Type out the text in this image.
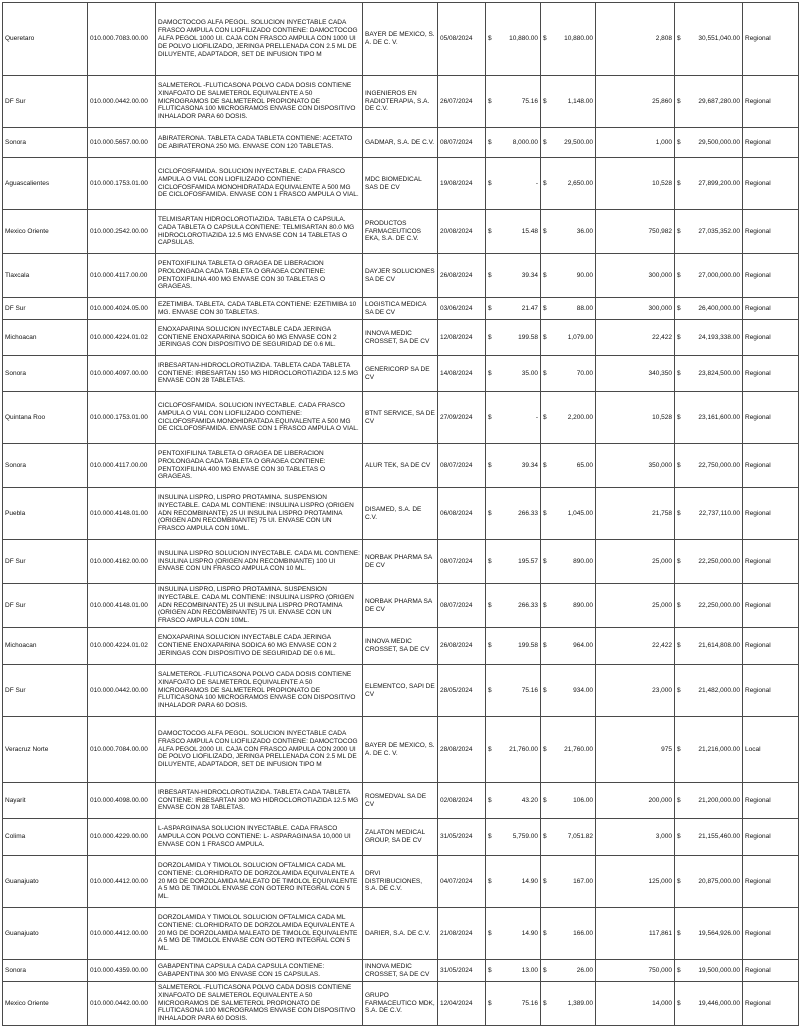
Queretaro	010.000.7083.00.00	DAMOCTOCOG ALFA PEGOL. SOLUCION INYECTABLE CADA FRASCO AMPULA CON LIOFILIZADO CONTIENE: DAMOCTOCOG ALFA PEGOL 1000 UI. CAJA CON FRASCO AMPULA CON 1000 UI DE POLVO LIOFILIZADO, JERINGA PRELLENADA CON 2.5 ML DE DILUYENTE, ADAPTADOR, SET DE INFUSION TIPO M	BAYER DE MEXICO, S. A. DE C. V.	05/08/2024	$	10,880.00	$	10,880.00	2,808	$	30,551,040.00	Regional
DF Sur	010.000.0442.00.00	SALMETEROL -FLUTICASONA POLVO CADA DOSIS CONTIENE XINAFOATO DE SALMETEROL EQUIVALENTE A 50 MICROGRAMOS DE SALMETEROL PROPIONATO DE FLUTICASONA 100 MICROGRAMOS ENVASE CON DISPOSITIVO INHALADOR PARA 60 DOSIS.	INGENIEROS EN RADIOTERAPIA, S.A. DE C.V.	26/07/2024	$	75.16	$	1,148.00	25,860	$	29,687,280.00	Regional
Sonora	010.000.5657.00.00	ABIRATERONA. TABLETA CADA TABLETA CONTIENE: ACETATO DE ABIRATERONA 250 MG. ENVASE CON 120 TABLETAS.	GADMAR, S.A. DE C.V.	08/07/2024	$	8,000.00	$	29,500.00	1,000	$	29,500,000.00	Regional
Aguascalientes	010.000.1753.01.00	CICLOFOSFAMIDA. SOLUCION INYECTABLE. CADA FRASCO AMPULA O VIAL CON LIOFILIZADO CONTIENE: CICLOFOSFAMIDA MONOHIDRATADA EQUIVALENTE A 500 MG DE CICLOFOSFAMIDA. ENVASE CON 1 FRASCO AMPULA O VIAL.	MDC BIOMEDICAL SAS DE CV	19/08/2024	$	-	$	2,650.00	10,528	$	27,899,200.00	Regional
Mexico Oriente	010.000.2542.00.00	TELMISARTAN HIDROCLOROTIAZIDA. TABLETA O CAPSULA. CADA TABLETA O CAPSULA CONTIENE: TELMISARTAN 80.0 MG HIDROCLOROTIAZIDA 12.5 MG ENVASE CON 14 TABLETAS O CAPSULAS.	PRODUCTOS FARMACEUTICOS EKA, S.A. DE C.V.	20/08/2024	$	15.48	$	36.00	750,982	$	27,035,352.00	Regional
Tlaxcala	010.000.4117.00.00	PENTOXIFILINA TABLETA O GRAGEA DE LIBERACION PROLONGADA CADA TABLETA O GRAGEA CONTIENE: PENTOXIFILINA 400 MG ENVASE CON 30 TABLETAS O GRAGEAS.	DAYJER SOLUCIONES SA DE CV	26/08/2024	$	39.34	$	90.00	300,000	$	27,000,000.00	Regional
DF Sur	010.000.4024.05.00	EZETIMIBA. TABLETA. CADA TABLETA CONTIENE: EZETIMIBA 10 MG. ENVASE CON 30 TABLETAS.	LOGISTICA MEDICA SA DE CV	03/06/2024	$	21.47	$	88.00	300,000	$	26,400,000.00	Regional
Michoacan	010.000.4224.01.02	ENOXAPARINA SOLUCION INYECTABLE CADA JERINGA CONTIENE ENOXAPARINA SODICA 60 MG ENVASE CON 2 JERINGAS CON DISPOSITIVO DE SEGURIDAD DE 0.6 ML.	INNOVA MEDIC CROSSET, SA DE CV	12/08/2024	$	199.58	$	1,079.00	22,422	$	24,193,338.00	Regional
Sonora	010.000.4097.00.00	IRBESARTAN-HIDROCLOROTIAZIDA. TABLETA CADA TABLETA CONTIENE: IRBESARTAN 150 MG HIDROCLOROTIAZIDA 12.5 MG ENVASE CON 28 TABLETAS.	GENERICORP SA DE CV	14/08/2024	$	35.00	$	70.00	340,350	$	23,824,500.00	Regional
Quintana Roo	010.000.1753.01.00	CICLOFOSFAMIDA. SOLUCION INYECTABLE. CADA FRASCO AMPULA O VIAL CON LIOFILIZADO CONTIENE: CICLOFOSFAMIDA MONOHIDRATADA EQUIVALENTE A 500 MG DE CICLOFOSFAMIDA. ENVASE CON 1 FRASCO AMPULA O VIAL.	BTNT SERVICE, SA DE CV	27/09/2024	$	-	$	2,200.00	10,528	$	23,161,600.00	Regional
Sonora	010.000.4117.00.00	PENTOXIFILINA TABLETA O GRAGEA DE LIBERACION PROLONGADA CADA TABLETA O GRAGEA CONTIENE: PENTOXIFILINA 400 MG ENVASE CON 30 TABLETAS O GRAGEAS.	ALUR TEK, SA DE CV	08/07/2024	$	39.34	$	65.00	350,000	$	22,750,000.00	Regional
Puebla	010.000.4148.01.00	INSULINA LISPRO, LISPRO PROTAMINA. SUSPENSION INYECTABLE. CADA ML CONTIENE: INSULINA LISPRO (ORIGEN ADN RECOMBINANTE) 25 UI INSULINA LISPRO PROTAMINA (ORIGEN ADN RECOMBINANTE) 75 UI. ENVASE CON UN FRASCO AMPULA CON 10ML.	DISAMED, S.A. DE C.V.	06/08/2024	$	266.33	$	1,045.00	21,758	$	22,737,110.00	Regional
DF Sur	010.000.4162.00.00	INSULINA LISPRO SOLUCION INYECTABLE. CADA ML CONTIENE: INSULINA LISPRO (ORIGEN ADN RECOMBINANTE) 100 UI ENVASE CON UN FRASCO AMPULA CON 10 ML.	NORBAK PHARMA SA DE CV	08/07/2024	$	195.57	$	890.00	25,000	$	22,250,000.00	Regional
DF Sur	010.000.4148.01.00	INSULINA LISPRO, LISPRO PROTAMINA. SUSPENSION INYECTABLE. CADA ML CONTIENE: INSULINA LISPRO (ORIGEN ADN RECOMBINANTE) 25 UI INSULINA LISPRO PROTAMINA (ORIGEN ADN RECOMBINANTE) 75 UI. ENVASE CON UN FRASCO AMPULA CON 10ML.	NORBAK PHARMA SA DE CV	08/07/2024	$	266.33	$	890.00	25,000	$	22,250,000.00	Regional
Michoacan	010.000.4224.01.02	ENOXAPARINA SOLUCION INYECTABLE CADA JERINGA CONTIENE ENOXAPARINA SODICA 60 MG ENVASE CON 2 JERINGAS CON DISPOSITIVO DE SEGURIDAD DE 0.6 ML.	INNOVA MEDIC CROSSET, SA DE CV	26/08/2024	$	199.58	$	964.00	22,422	$	21,614,808.00	Regional
DF Sur	010.000.0442.00.00	SALMETEROL -FLUTICASONA POLVO CADA DOSIS CONTIENE XINAFOATO DE SALMETEROL EQUIVALENTE A 50 MICROGRAMOS DE SALMETEROL PROPIONATO DE FLUTICASONA 100 MICROGRAMOS ENVASE CON DISPOSITIVO INHALADOR PARA 60 DOSIS.	ELEMENTCO, SAPI DE CV	28/05/2024	$	75.16	$	934.00	23,000	$	21,482,000.00	Regional
Veracruz Norte	010.000.7084.00.00	DAMOCTOCOG ALFA PEGOL. SOLUCION INYECTABLE CADA FRASCO AMPULA CON LIOFILIZADO CONTIENE: DAMOCTOCOG ALFA PEGOL 2000 UI. CAJA CON FRASCO AMPULA CON 2000 UI DE POLVO LIOFILIZADO, JERINGA PRELLENADA CON 2.5 ML DE DILUYENTE, ADAPTADOR, SET DE INFUSION TIPO M	BAYER DE MEXICO, S. A. DE C. V.	28/08/2024	$	21,760.00	$	21,760.00	975	$	21,216,000.00	Local
Nayarit	010.000.4098.00.00	IRBESARTAN-HIDROCLOROTIAZIDA. TABLETA CADA TABLETA CONTIENE: IRBESARTAN 300 MG HIDROCLOROTIAZIDA 12.5 MG ENVASE CON 28 TABLETAS.	ROSMEDVAL SA DE CV	02/08/2024	$	43.20	$	106.00	200,000	$	21,200,000.00	Regional
Colima	010.000.4229.00.00	L-ASPARGINASA SOLUCION INYECTABLE. CADA FRASCO AMPULA CON POLVO CONTIENE: L- ASPARAGINASA 10,000 UI ENVASE CON 1 FRASCO AMPULA.	ZALATON MEDICAL GROUP, SA DE CV	31/05/2024	$	5,759.00	$	7,051.82	3,000	$	21,155,460.00	Regional
Guanajuato	010.000.4412.00.00	DORZOLAMIDA Y TIMOLOL SOLUCION OFTALMICA CADA ML CONTIENE: CLORHIDRATO DE DORZOLAMIDA EQUIVALENTE A 20 MG DE DORZOLAMIDA MALEATO DE TIMOLOL EQUIVALENTE A 5 MG DE TIMOLOL ENVASE CON GOTERO INTEGRAL CON 5 ML.	DRVI DISTRIBUCIONES, S.A. DE C.V.	04/07/2024	$	14.90	$	167.00	125,000	$	20,875,000.00	Regional
Guanajuato	010.000.4412.00.00	DORZOLAMIDA Y TIMOLOL SOLUCION OFTALMICA CADA ML CONTIENE: CLORHIDRATO DE DORZOLAMIDA EQUIVALENTE A 20 MG DE DORZOLAMIDA MALEATO DE TIMOLOL EQUIVALENTE A 5 MG DE TIMOLOL ENVASE CON GOTERO INTEGRAL CON 5 ML.	DARIER, S.A. DE C.V.	21/08/2024	$	14.90	$	166.00	117,861	$	19,564,926.00	Regional
Sonora	010.000.4359.00.00	GABAPENTINA CAPSULA CADA CAPSULA CONTIENE: GABAPENTINA 300 MG ENVASE CON 15 CAPSULAS.	INNOVA MEDIC CROSSET, SA DE CV	31/05/2024	$	13.00	$	26.00	750,000	$	19,500,000.00	Regional
Mexico Oriente	010.000.0442.00.00	SALMETEROL -FLUTICASONA POLVO CADA DOSIS CONTIENE XINAFOATO DE SALMETEROL EQUIVALENTE A 50 MICROGRAMOS DE SALMETEROL PROPIONATO DE FLUTICASONA 100 MICROGRAMOS ENVASE CON DISPOSITIVO INHALADOR PARA 60 DOSIS.	GRUPO FARMACEUTICO MDK, S.A. DE C.V.	12/04/2024	$	75.16	$	1,389.00	14,000	$	19,446,000.00	Regional
